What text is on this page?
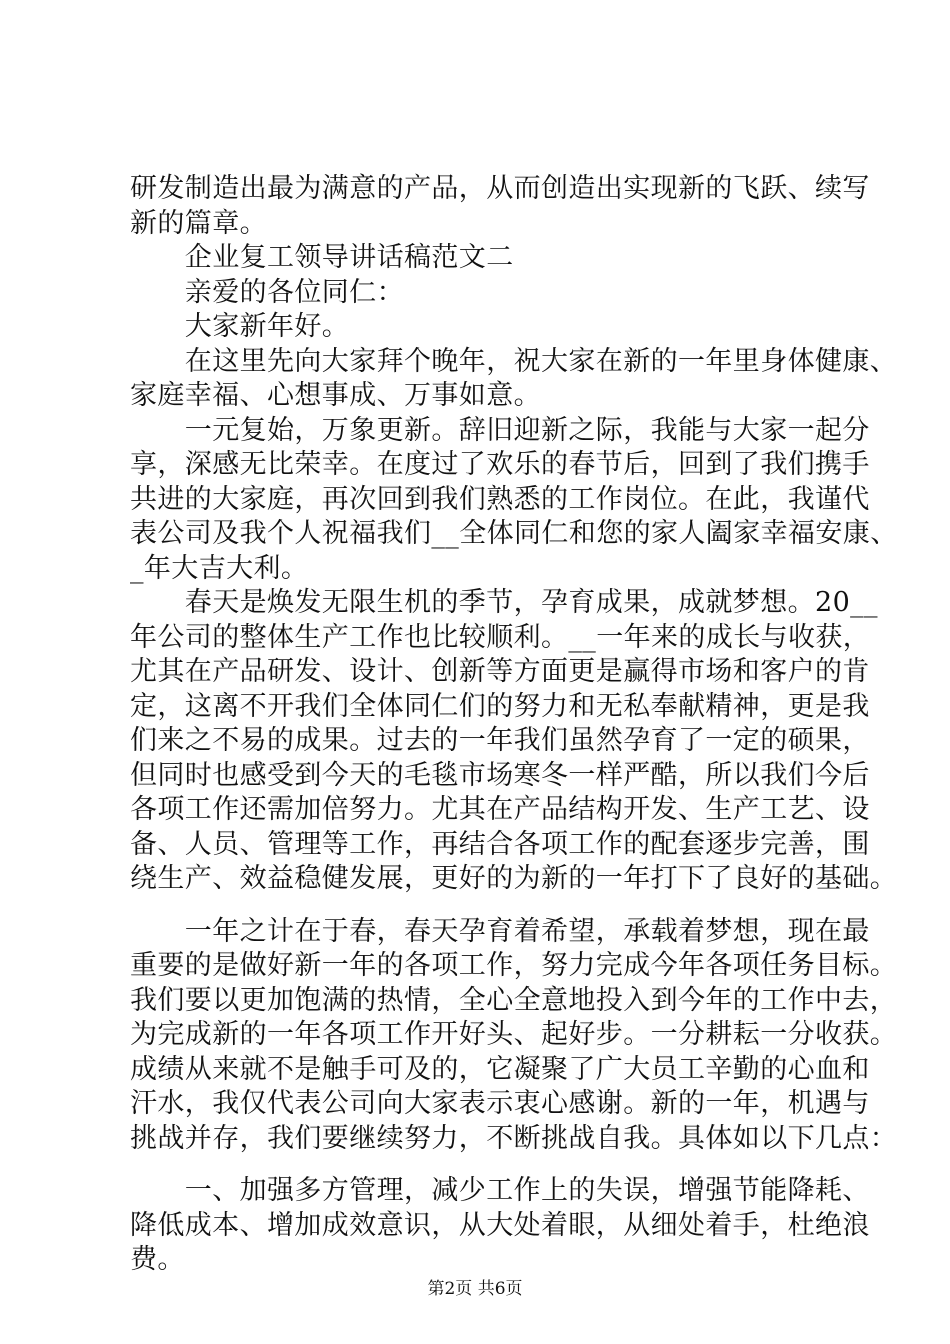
研发制造出最为满意的产品，从而创造出实现新的飞跃、续写
新的篇章。
　　企业复工领导讲话稿范文二
　　亲爱的各位同仁：
　　大家新年好。
　　在这里先向大家拜个晚年，祝大家在新的一年里身体健康、
家庭幸福、心想事成、万事如意。
　　一元复始，万象更新。辞旧迎新之际，我能与大家一起分
享，深感无比荣幸。在度过了欢乐的春节后，回到了我们携手
共进的大家庭，再次回到我们熟悉的工作岗位。在此，我谨代
表公司及我个人祝福我们__全体同仁和您的家人阖家幸福安康、
_年大吉大利。
　　春天是焕发无限生机的季节，孕育成果，成就梦想。20__
年公司的整体生产工作也比较顺利。__一年来的成长与收获，
尤其在产品研发、设计、创新等方面更是赢得市场和客户的肯
定，这离不开我们全体同仁们的努力和无私奉献精神，更是我
们来之不易的成果。过去的一年我们虽然孕育了一定的硕果，
但同时也感受到今天的毛毯市场寒冬一样严酷，所以我们今后
各项工作还需加倍努力。尤其在产品结构开发、生产工艺、设
备、人员、管理等工作，再结合各项工作的配套逐步完善，围
绕生产、效益稳健发展，更好的为新的一年打下了良好的基础。
　　一年之计在于春，春天孕育着希望，承载着梦想，现在最
重要的是做好新一年的各项工作，努力完成今年各项任务目标。
我们要以更加饱满的热情，全心全意地投入到今年的工作中去，
为完成新的一年各项工作开好头、起好步。一分耕耘一分收获。
成绩从来就不是触手可及的，它凝聚了广大员工辛勤的心血和
汗水，我仅代表公司向大家表示衷心感谢。新的一年，机遇与
挑战并存，我们要继续努力，不断挑战自我。具体如以下几点：
　　一、加强多方管理，减少工作上的失误，增强节能降耗、
降低成本、增加成效意识，从大处着眼，从细处着手，杜绝浪
费。
第2页 共6页
